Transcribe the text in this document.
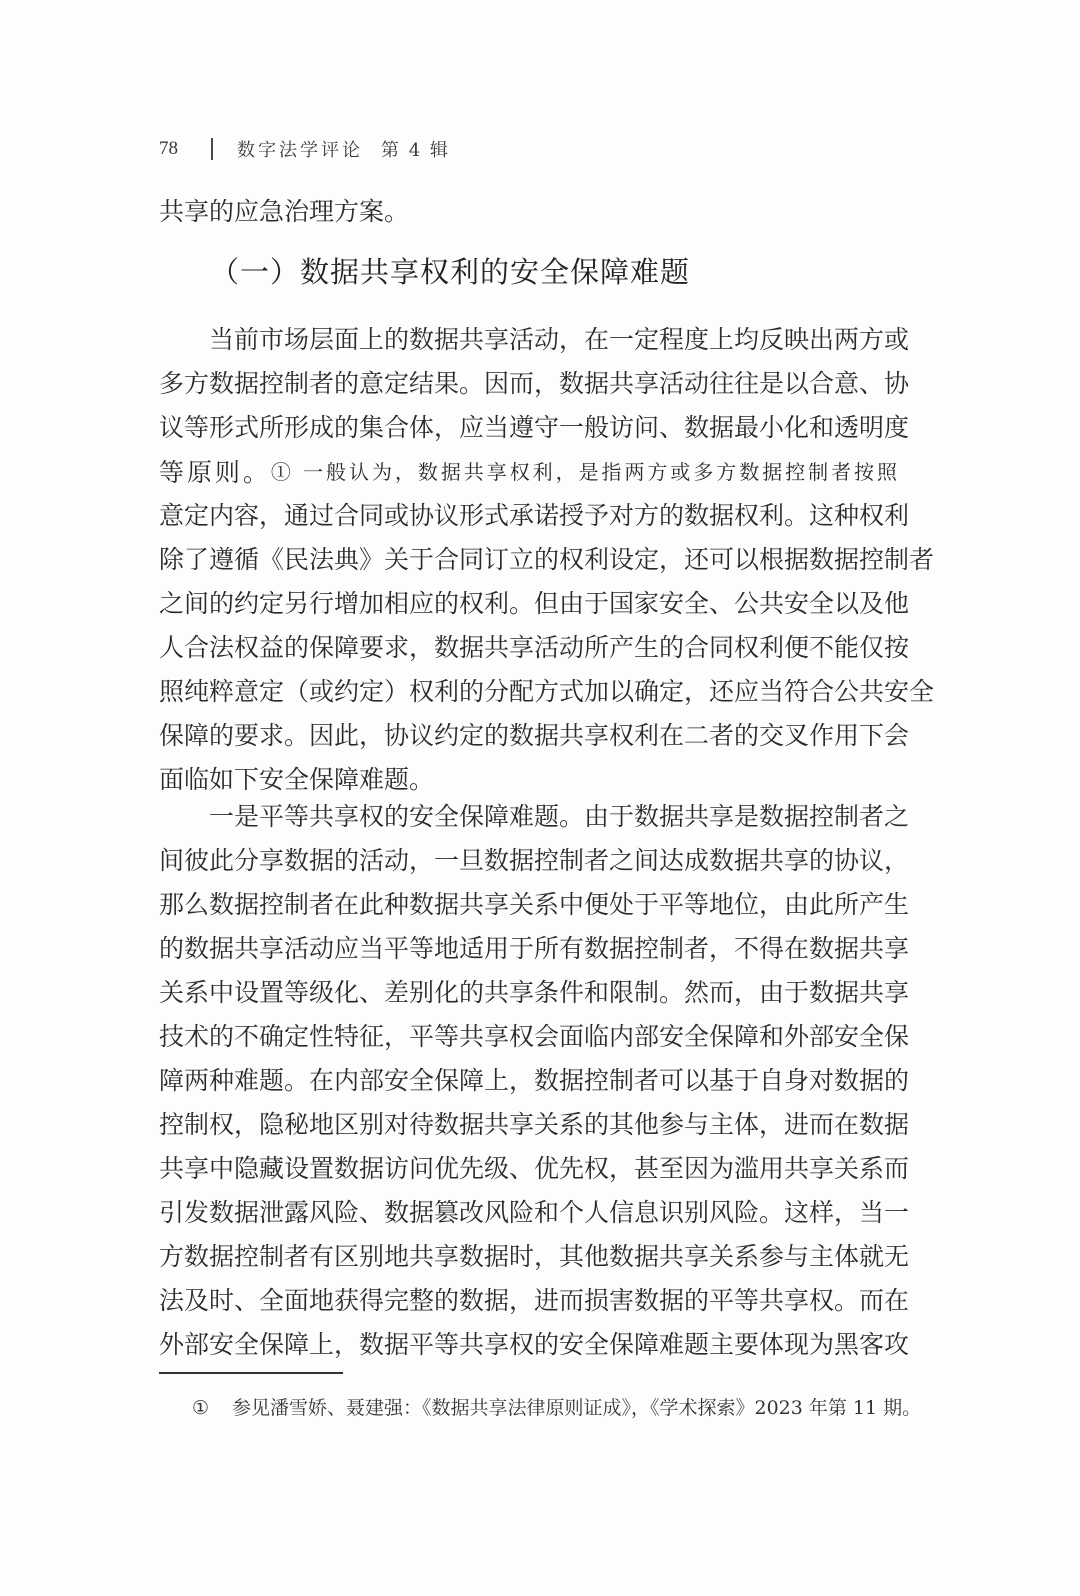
78	数字法学评论 第 4 辑
共享的应急治理方案。
（一）数据共享权利的安全保障难题
当前市场层面上的数据共享活动，在一定程度上均反映出两方或
多方数据控制者的意定结果。因而，数据共享活动往往是以合意、协
议等形式所形成的集合体，应当遵守一般访问、数据最小化和透明度
等原则。① 一般认为，数据共享权利，是指两方或多方数据控制者按照
意定内容，通过合同或协议形式承诺授予对方的数据权利。这种权利
除了遵循《民法典》关于合同订立的权利设定，还可以根据数据控制者
之间的约定另行增加相应的权利。但由于国家安全、公共安全以及他
人合法权益的保障要求，数据共享活动所产生的合同权利便不能仅按
照纯粹意定（或约定）权利的分配方式加以确定，还应当符合公共安全
保障的要求。因此，协议约定的数据共享权利在二者的交叉作用下会
面临如下安全保障难题。
一是平等共享权的安全保障难题。由于数据共享是数据控制者之
间彼此分享数据的活动，一旦数据控制者之间达成数据共享的协议，
那么数据控制者在此种数据共享关系中便处于平等地位，由此所产生
的数据共享活动应当平等地适用于所有数据控制者，不得在数据共享
关系中设置等级化、差别化的共享条件和限制。然而，由于数据共享
技术的不确定性特征，平等共享权会面临内部安全保障和外部安全保
障两种难题。在内部安全保障上，数据控制者可以基于自身对数据的
控制权，隐秘地区别对待数据共享关系的其他参与主体，进而在数据
共享中隐藏设置数据访问优先级、优先权，甚至因为滥用共享关系而
引发数据泄露风险、数据篡改风险和个人信息识别风险。这样，当一
方数据控制者有区别地共享数据时，其他数据共享关系参与主体就无
法及时、全面地获得完整的数据，进而损害数据的平等共享权。而在
外部安全保障上，数据平等共享权的安全保障难题主要体现为黑客攻
① 参见潘雪娇、聂建强：《数据共享法律原则证成》，《学术探索》2023 年第 11 期。
